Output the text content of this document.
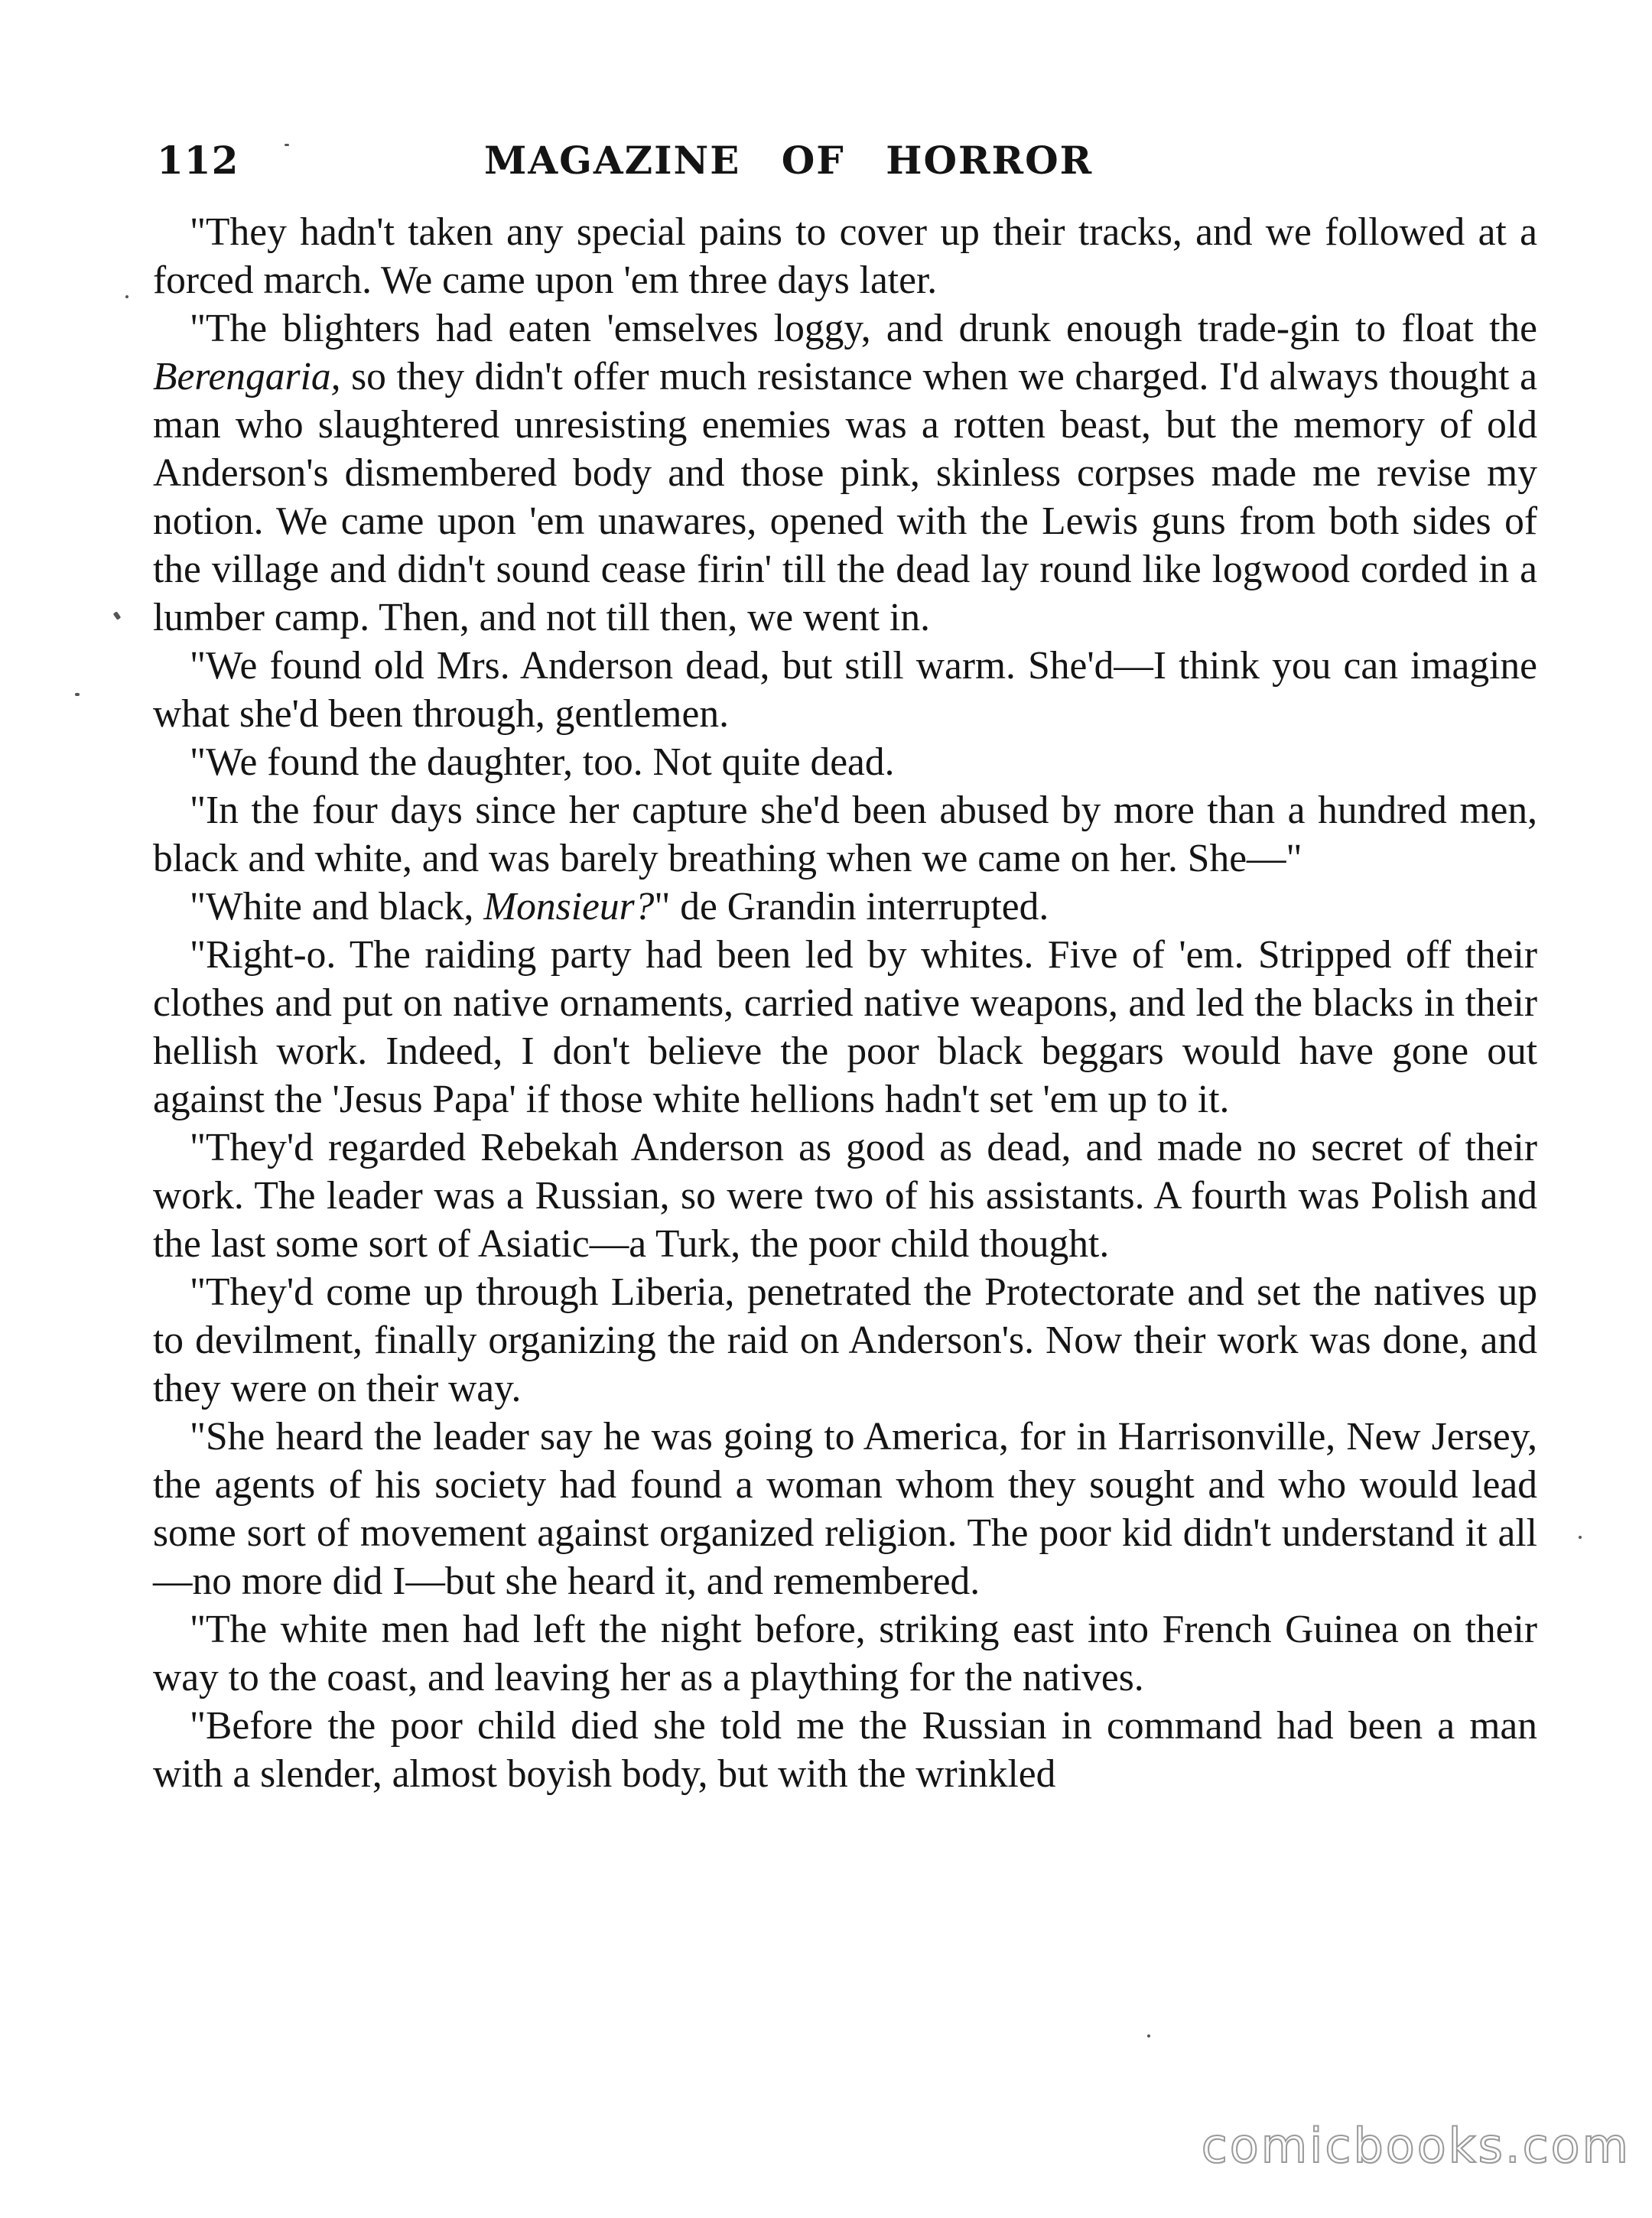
112	MAGAZINE OF HORROR

"They hadn't taken any special pains to cover up their tracks, and we followed at a forced march. We came upon 'em three days later.

"The blighters had eaten 'emselves loggy, and drunk enough trade-gin to float the Berengaria, so they didn't offer much resistance when we charged. I'd always thought a man who slaughtered unresisting enemies was a rotten beast, but the memory of old Anderson's dismembered body and those pink, skinless corpses made me revise my notion. We came upon 'em unawares, opened with the Lewis guns from both sides of the village and didn't sound cease firin' till the dead lay round like logwood corded in a lumber camp. Then, and not till then, we went in.

"We found old Mrs. Anderson dead, but still warm. She'd—I think you can imagine what she'd been through, gentlemen.

"We found the daughter, too. Not quite dead.

"In the four days since her capture she'd been abused by more than a hundred men, black and white, and was barely breathing when we came on her. She—"

"White and black, Monsieur?" de Grandin interrupted.

"Right-o. The raiding party had been led by whites. Five of 'em. Stripped off their clothes and put on native ornaments, carried native weapons, and led the blacks in their hellish work. Indeed, I don't believe the poor black beggars would have gone out against the 'Jesus Papa' if those white hellions hadn't set 'em up to it.

"They'd regarded Rebekah Anderson as good as dead, and made no secret of their work. The leader was a Russian, so were two of his assistants. A fourth was Polish and the last some sort of Asiatic—a Turk, the poor child thought.

"They'd come up through Liberia, penetrated the Protectorate and set the natives up to devilment, finally organizing the raid on Anderson's. Now their work was done, and they were on their way.

"She heard the leader say he was going to America, for in Harrisonville, New Jersey, the agents of his society had found a woman whom they sought and who would lead some sort of movement against organized religion. The poor kid didn't understand it all—no more did I—but she heard it, and remembered.

"The white men had left the night before, striking east into French Guinea on their way to the coast, and leaving her as a plaything for the natives.

"Before the poor child died she told me the Russian in command had been a man with a slender, almost boyish body, but with the wrinkled

comicbooks.com
